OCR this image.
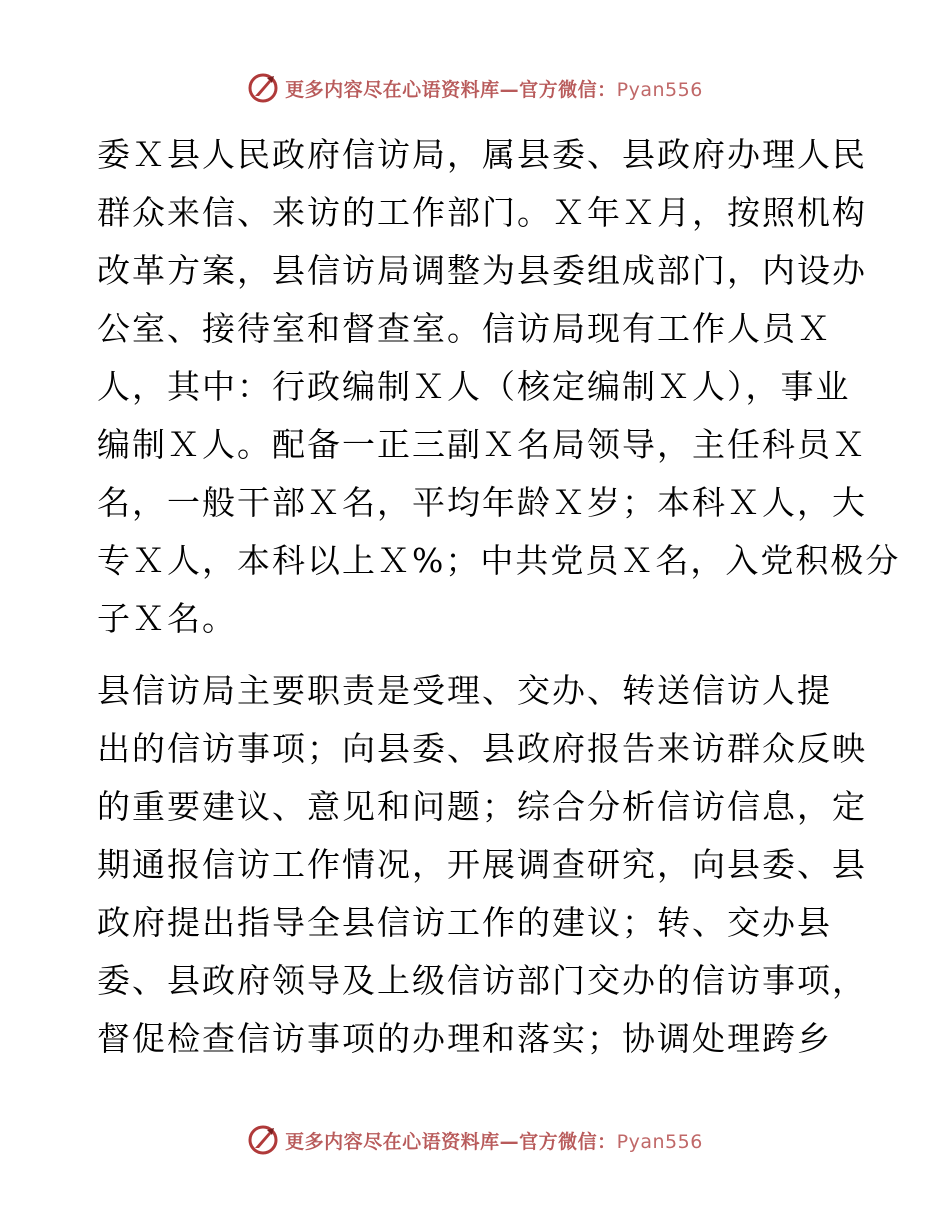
更多内容尽在心语资料库—官方微信：Pyan556
委Ｘ县人民政府信访局，属县委、县政府办理人民
群众来信、来访的工作部门。Ｘ年Ｘ月，按照机构
改革方案，县信访局调整为县委组成部门，内设办
公室、接待室和督查室。信访局现有工作人员Ｘ
人，其中：行政编制Ｘ人（核定编制Ｘ人），事业
编制Ｘ人。配备一正三副Ｘ名局领导，主任科员Ｘ
名，一般干部Ｘ名，平均年龄Ｘ岁；本科Ｘ人，大
专Ｘ人，本科以上Ｘ%；中共党员Ｘ名，入党积极分
子Ｘ名。
县信访局主要职责是受理、交办、转送信访人提
出的信访事项；向县委、县政府报告来访群众反映
的重要建议、意见和问题；综合分析信访信息，定
期通报信访工作情况，开展调查研究，向县委、县
政府提出指导全县信访工作的建议；转、交办县
委、县政府领导及上级信访部门交办的信访事项，
督促检查信访事项的办理和落实；协调处理跨乡
更多内容尽在心语资料库—官方微信：Pyan556
